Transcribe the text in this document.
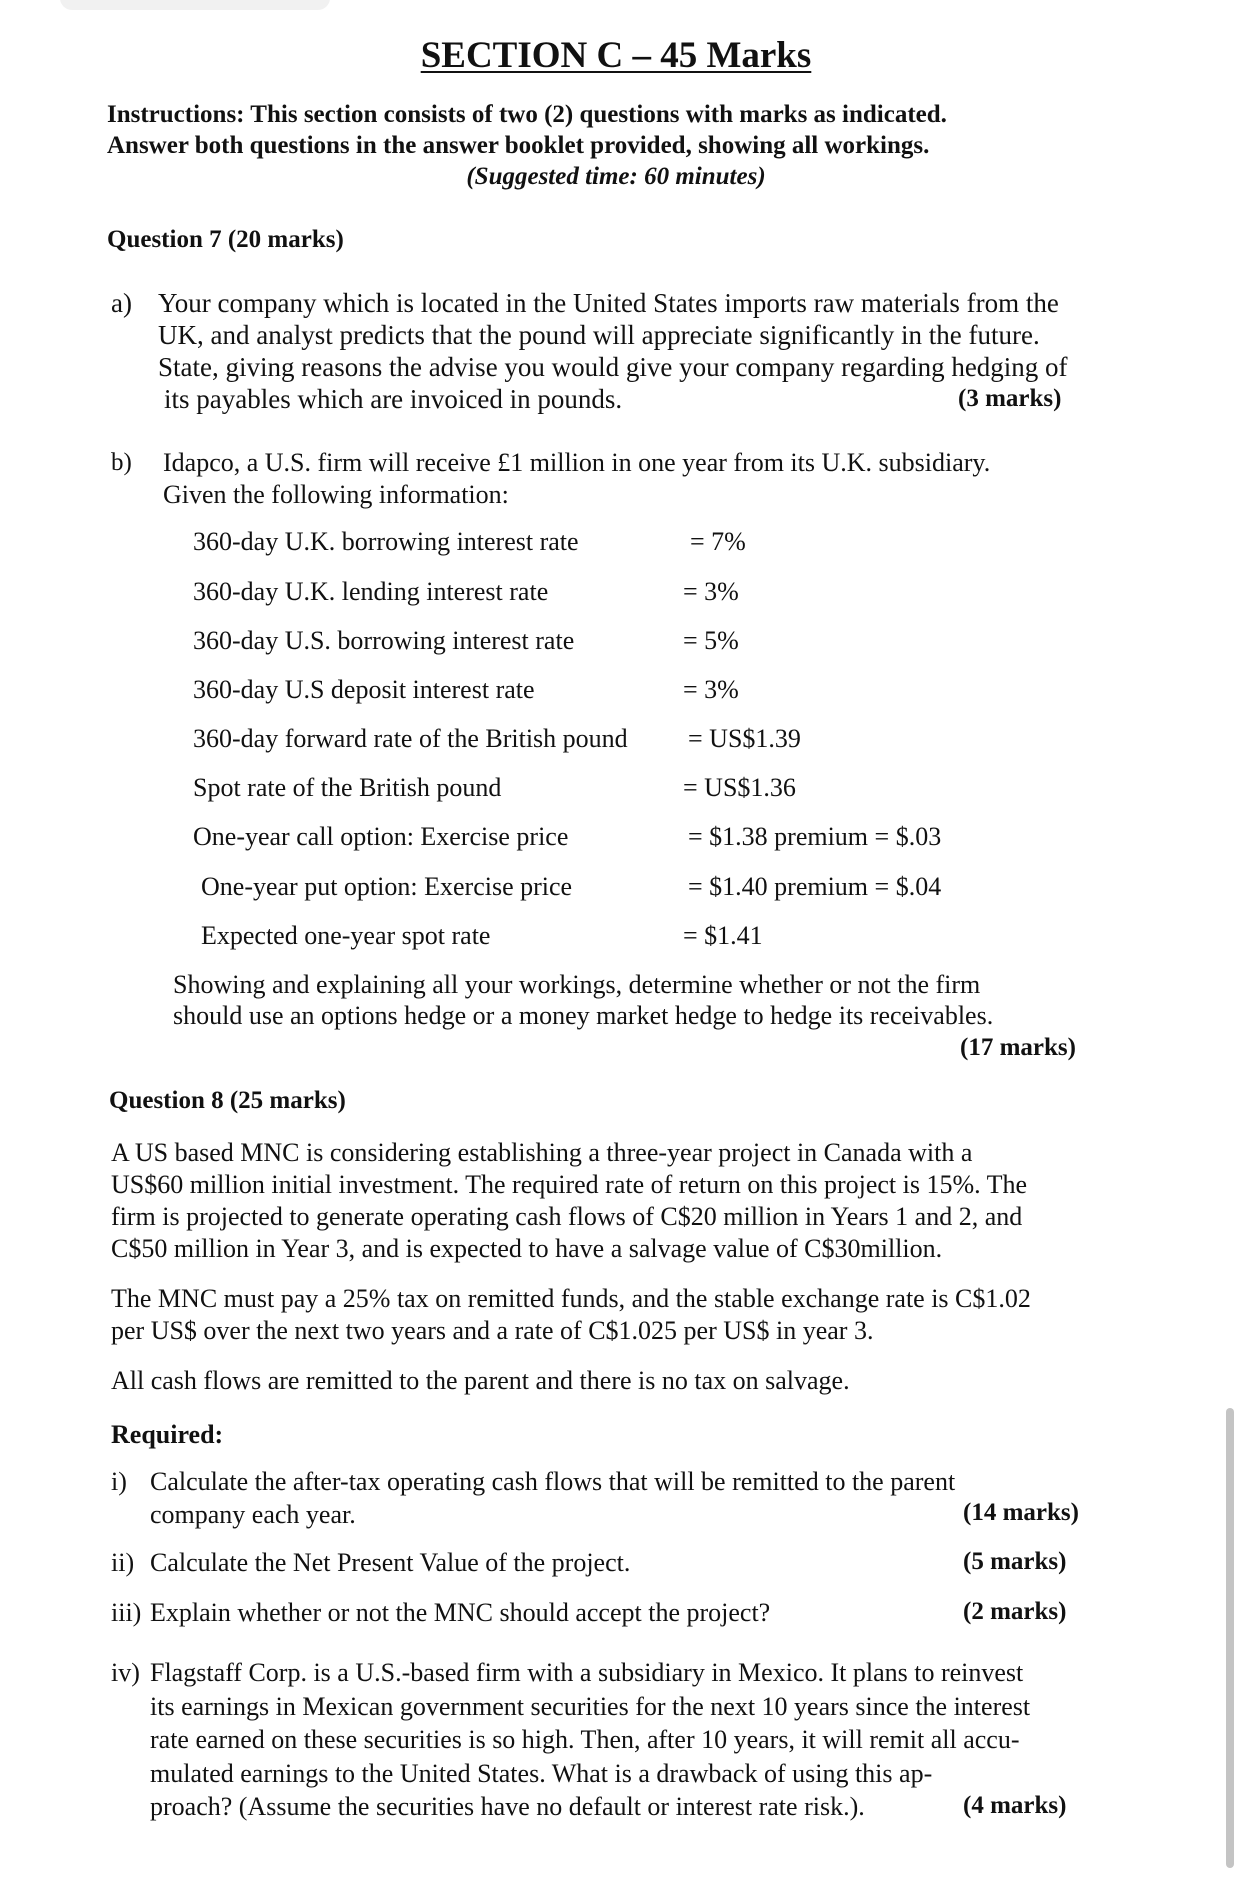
SECTION C – 45 Marks
Instructions: This section consists of two (2) questions with marks as indicated.
Answer both questions in the answer booklet provided, showing all workings.
(Suggested time: 60 minutes)
Question 7 (20 marks)
a) Your company which is located in the United States imports raw materials from the
UK, and analyst predicts that the pound will appreciate significantly in the future.
State, giving reasons the advise you would give your company regarding hedging of
its payables which are invoiced in pounds.	(3 marks)
b) Idapco, a U.S. firm will receive £1 million in one year from its U.K. subsidiary.
Given the following information:
360-day U.K. borrowing interest rate	= 7%
360-day U.K. lending interest rate	= 3%
360-day U.S. borrowing interest rate	= 5%
360-day U.S deposit interest rate	= 3%
360-day forward rate of the British pound = US$1.39
Spot rate of the British pound	= US$1.36
One-year call option: Exercise price	= $1.38 premium = $.03
One-year put option: Exercise price	= $1.40 premium = $.04
Expected one-year spot rate	= $1.41
Showing and explaining all your workings, determine whether or not the firm
should use an options hedge or a money market hedge to hedge its receivables.
(17 marks)
Question 8 (25 marks)
A US based MNC is considering establishing a three-year project in Canada with a
US$60 million initial investment. The required rate of return on this project is 15%. The
firm is projected to generate operating cash flows of C$20 million in Years 1 and 2, and
C$50 million in Year 3, and is expected to have a salvage value of C$30million.
The MNC must pay a 25% tax on remitted funds, and the stable exchange rate is C$1.02
per US$ over the next two years and a rate of C$1.025 per US$ in year 3.
All cash flows are remitted to the parent and there is no tax on salvage.
Required:
i) Calculate the after-tax operating cash flows that will be remitted to the parent
company each year.	(14 marks)
ii) Calculate the Net Present Value of the project.	(5 marks)
iii) Explain whether or not the MNC should accept the project?	(2 marks)
iv) Flagstaff Corp. is a U.S.-based firm with a subsidiary in Mexico. It plans to reinvest
its earnings in Mexican government securities for the next 10 years since the interest
rate earned on these securities is so high. Then, after 10 years, it will remit all accu-
mulated earnings to the United States. What is a drawback of using this ap-
proach? (Assume the securities have no default or interest rate risk.).	(4 marks)
